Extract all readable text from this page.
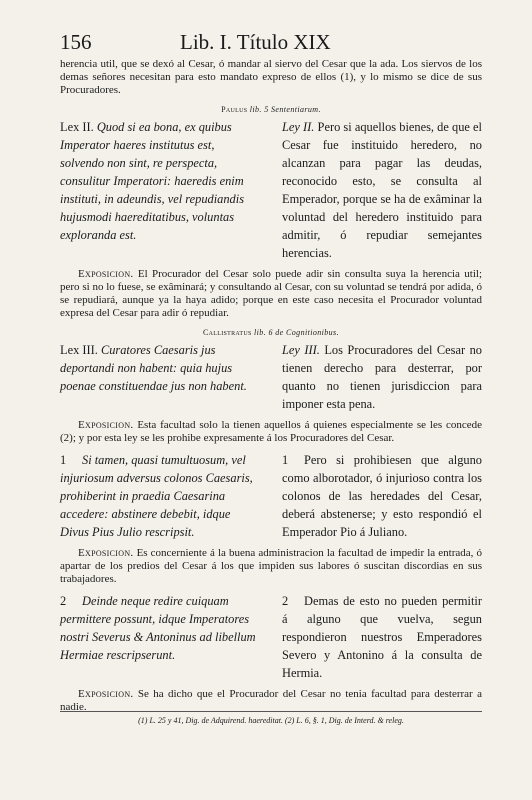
156	Lib. I. Título XIX

herencia util, que se dexó al Cesar, ó mandar al siervo del Cesar que la ada. Los siervos de los demas señores necesitan para esto mandato expreso de ellos (1), y lo mismo se dice de sus Procuradores.

Paulus lib. 5 Sententiarum.
Lex II. Quod si ea bona, ex quibus Imperator haeres institutus est, solvendo non sint, re perspecta, consulitur Imperatori: haeredis enim instituti, in adeundis, vel repudiandis hujusmodi haereditatibus, voluntas exploranda est.
Ley II. Pero si aquellos bienes, de que el Cesar fue instituido heredero, no alcanzan para pagar las deudas, reconocido esto, se consulta al Emperador, porque se ha de exâminar la voluntad del heredero instituido para admitir, ó repudiar semejantes herencias.

Exposicion. El Procurador del Cesar solo puede adir sin consulta suya la herencia util; pero si no lo fuese, se exâminará; y consultando al Cesar, con su voluntad se tendrá por adida, ó se repudiará, aunque ya la haya adido; porque en este caso necesita el Procurador voluntad expresa del Cesar para adir ó repudiar.

Callistratus lib. 6 de Cognitionibus.
Lex III. Curatores Caesaris jus deportandi non habent: quia hujus poenae constituendae jus non habent.
Ley III. Los Procuradores del Cesar no tienen derecho para desterrar, por quanto no tienen jurisdiccion para imponer esta pena.

Exposicion. Esta facultad solo la tienen aquellos á quienes especialmente se les concede (2); y por esta ley se les prohibe expresamente á los Procuradores del Cesar.

1 Si tamen, quasi tumultuosum, vel injuriosum adversus colonos Caesaris, prohiberint in praedia Caesarina accedere: abstinere debebit, idque Divus Pius Julio rescripsit.
1 Pero si prohibiesen que alguno como alborotador, ó injurioso contra los colonos de las heredades del Cesar, deberá abstenerse; y esto respondió el Emperador Pio á Juliano.

Exposicion. Es concerniente á la buena administracion la facultad de impedir la entrada, ó apartar de los predios del Cesar á los que impiden sus labores ó suscitan discordias en sus trabajadores.

2 Deinde neque redire cuiquam permittere possunt, idque Imperatores nostri Severus & Antoninus ad libellum Hermiae rescripserunt.
2 Demas de esto no pueden permitir á alguno que vuelva, segun respondieron nuestros Emperadores Severo y Antonino á la consulta de Hermia.

Exposicion. Se ha dicho que el Procurador del Cesar no tenia facultad para desterrar a nadie.

(1) L. 25 y 41, Dig. de Adquirend. haereditat. (2) L. 6, §. 1, Dig. de Interd. & releg.
